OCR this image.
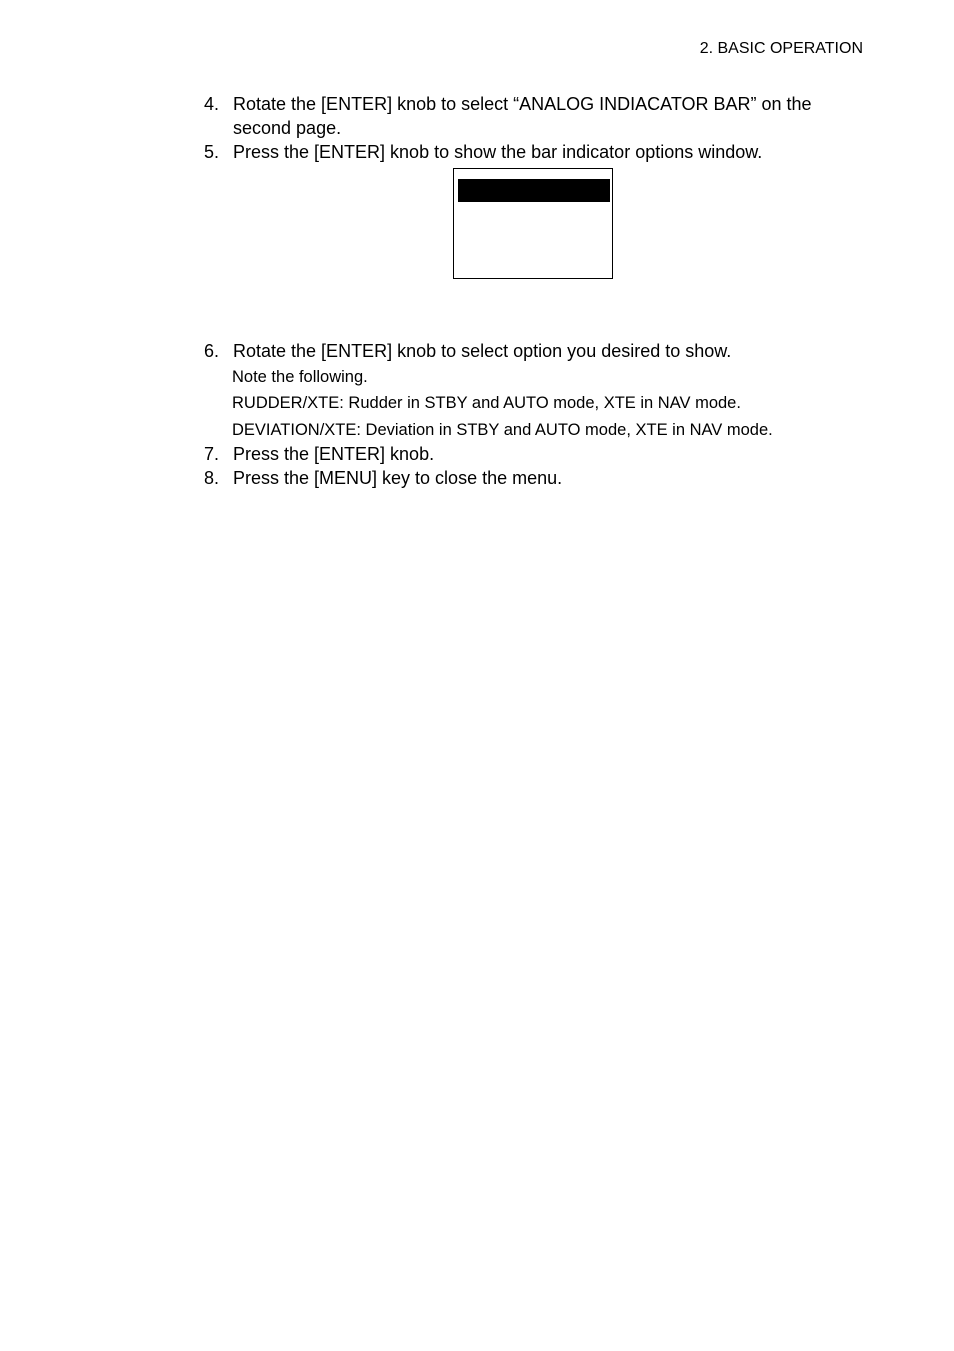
2. BASIC OPERATION
4. Rotate the [ENTER] knob to select “ANALOG INDIACATOR BAR” on the
second page.
5. Press the [ENTER] knob to show the bar indicator options window.
6. Rotate the [ENTER] knob to select option you desired to show.
Note the following.
RUDDER/XTE: Rudder in STBY and AUTO mode, XTE in NAV mode.
DEVIATION/XTE: Deviation in STBY and AUTO mode, XTE in NAV mode.
7. Press the [ENTER] knob.
8. Press the [MENU] key to close the menu.
